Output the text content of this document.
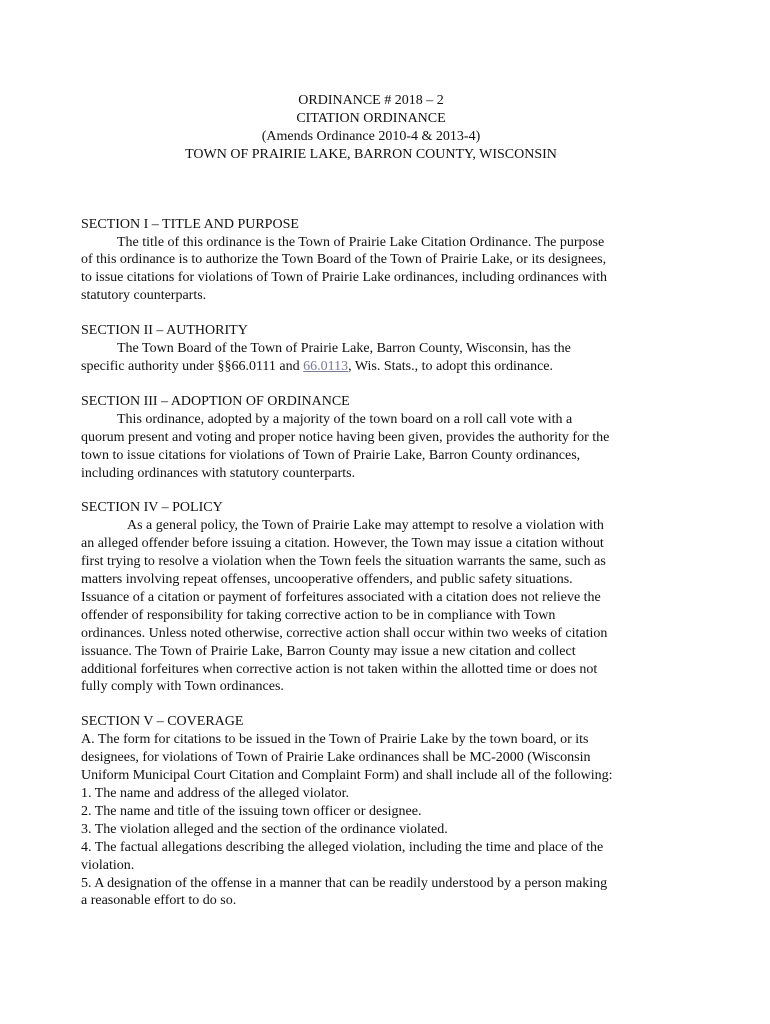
ORDINANCE # 2018 – 2
CITATION ORDINANCE
(Amends Ordinance 2010-4 & 2013-4)
TOWN OF PRAIRIE LAKE, BARRON COUNTY, WISCONSIN
SECTION I – TITLE AND PURPOSE
The title of this ordinance is the Town of Prairie Lake Citation Ordinance. The purpose
of this ordinance is to authorize the Town Board of the Town of Prairie Lake, or its designees,
to issue citations for violations of Town of Prairie Lake ordinances, including ordinances with
statutory counterparts.
SECTION II – AUTHORITY
The Town Board of the Town of Prairie Lake, Barron County, Wisconsin, has the
specific authority under §§66.0111 and 66.0113, Wis. Stats., to adopt this ordinance.
SECTION III – ADOPTION OF ORDINANCE
This ordinance, adopted by a majority of the town board on a roll call vote with a
quorum present and voting and proper notice having been given, provides the authority for the
town to issue citations for violations of Town of Prairie Lake, Barron County ordinances,
including ordinances with statutory counterparts.
SECTION IV – POLICY
As a general policy, the Town of Prairie Lake may attempt to resolve a violation with
an alleged offender before issuing a citation. However, the Town may issue a citation without
first trying to resolve a violation when the Town feels the situation warrants the same, such as
matters involving repeat offenses, uncooperative offenders, and public safety situations.
Issuance of a citation or payment of forfeitures associated with a citation does not relieve the
offender of responsibility for taking corrective action to be in compliance with Town
ordinances. Unless noted otherwise, corrective action shall occur within two weeks of citation
issuance. The Town of Prairie Lake, Barron County may issue a new citation and collect
additional forfeitures when corrective action is not taken within the allotted time or does not
fully comply with Town ordinances.
SECTION V – COVERAGE
A. The form for citations to be issued in the Town of Prairie Lake by the town board, or its
designees, for violations of Town of Prairie Lake ordinances shall be MC-2000 (Wisconsin
Uniform Municipal Court Citation and Complaint Form) and shall include all of the following:
1. The name and address of the alleged violator.
2. The name and title of the issuing town officer or designee.
3. The violation alleged and the section of the ordinance violated.
4. The factual allegations describing the alleged violation, including the time and place of the
violation.
5. A designation of the offense in a manner that can be readily understood by a person making
a reasonable effort to do so.
